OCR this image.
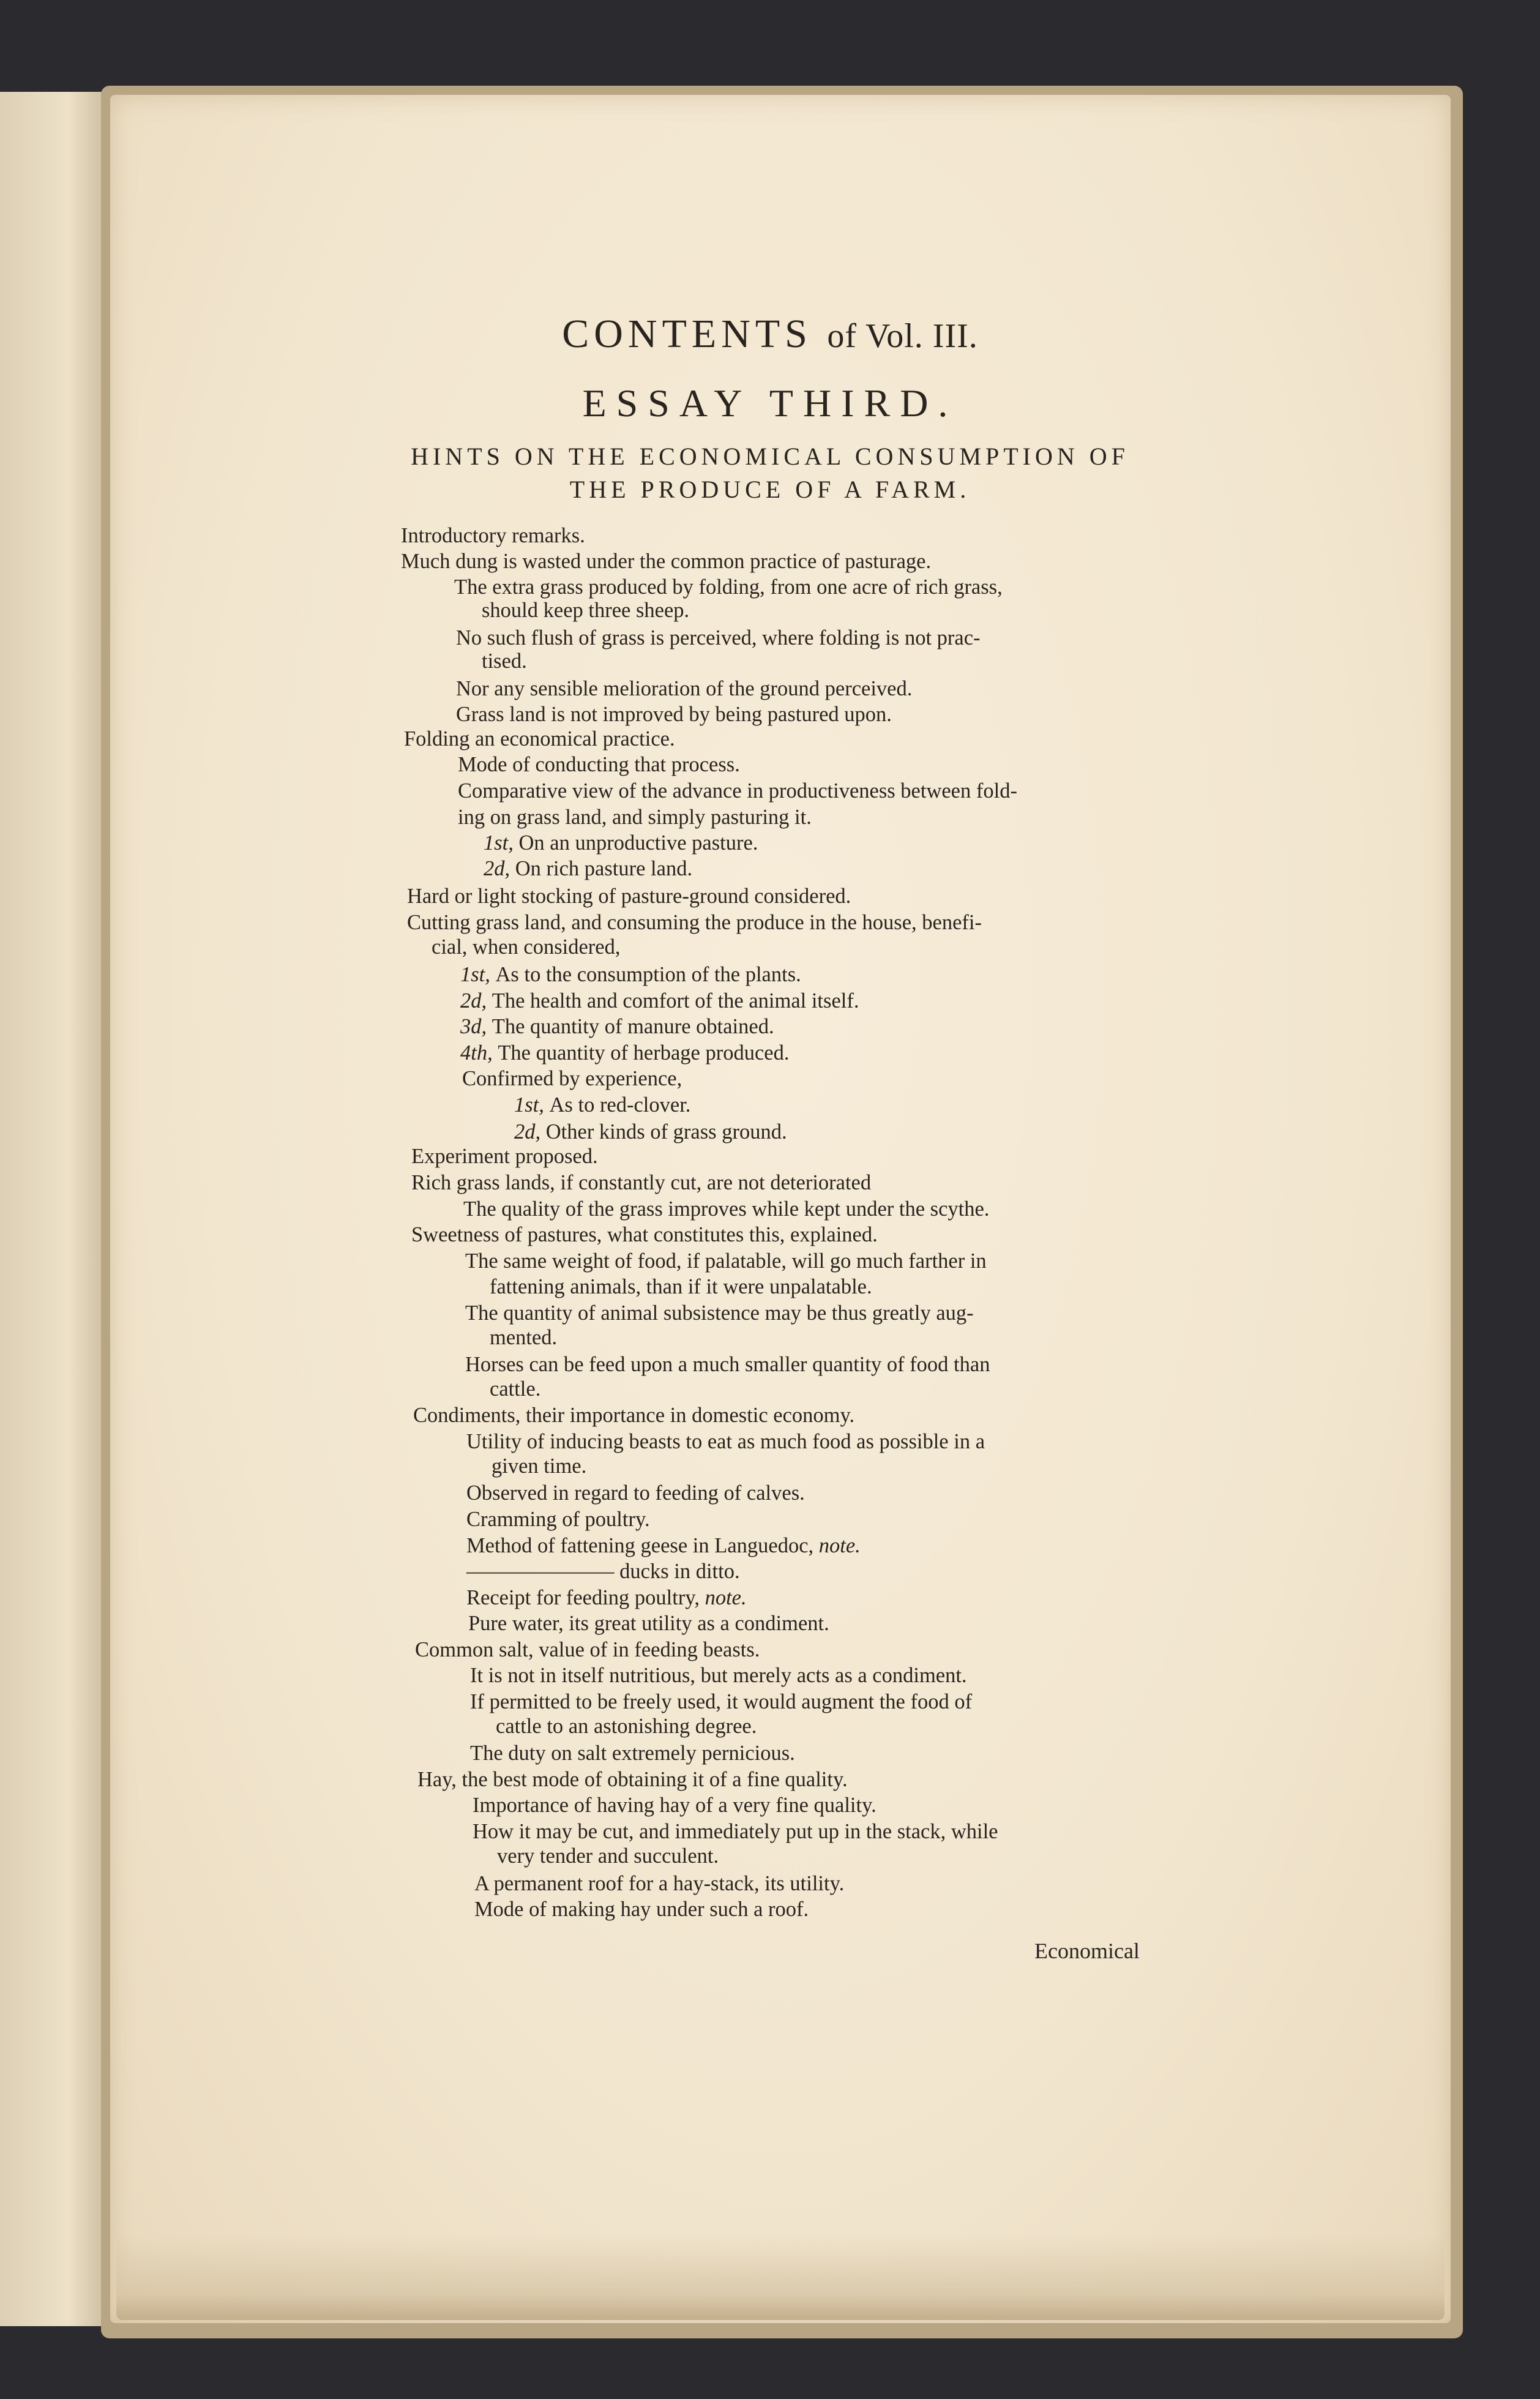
CONTENTS of Vol. III.
ESSAY THIRD.
HINTS ON THE ECONOMICAL CONSUMPTION OF
THE PRODUCE OF A FARM.
Introductory remarks.
Much dung is wasted under the common practice of pasturage.
The extra grass produced by folding, from one acre of rich grass,
should keep three sheep.
No such flush of grass is perceived, where folding is not prac-
tised.
Nor any sensible melioration of the ground perceived.
Grass land is not improved by being pastured upon.
Folding an economical practice.
Mode of conducting that process.
Comparative view of the advance in productiveness between fold-
ing on grass land, and simply pasturing it.
1st, On an unproductive pasture.
2d, On rich pasture land.
Hard or light stocking of pasture-ground considered.
Cutting grass land, and consuming the produce in the house, benefi-
cial, when considered,
1st, As to the consumption of the plants.
2d, The health and comfort of the animal itself.
3d, The quantity of manure obtained.
4th, The quantity of herbage produced.
Confirmed by experience,
1st, As to red-clover.
2d, Other kinds of grass ground.
Experiment proposed.
Rich grass lands, if constantly cut, are not deteriorated
The quality of the grass improves while kept under the scythe.
Sweetness of pastures, what constitutes this, explained.
The same weight of food, if palatable, will go much farther in
fattening animals, than if it were unpalatable.
The quantity of animal subsistence may be thus greatly aug-
mented.
Horses can be feed upon a much smaller quantity of food than
cattle.
Condiments, their importance in domestic economy.
Utility of inducing beasts to eat as much food as possible in a
given time.
Observed in regard to feeding of calves.
Cramming of poultry.
Method of fattening geese in Languedoc, note.
——————— ducks in ditto.
Receipt for feeding poultry, note.
Pure water, its great utility as a condiment.
Common salt, value of in feeding beasts.
It is not in itself nutritious, but merely acts as a condiment.
If permitted to be freely used, it would augment the food of
cattle to an astonishing degree.
The duty on salt extremely pernicious.
Hay, the best mode of obtaining it of a fine quality.
Importance of having hay of a very fine quality.
How it may be cut, and immediately put up in the stack, while
very tender and succulent.
A permanent roof for a hay-stack, its utility.
Mode of making hay under such a roof.
Economical
